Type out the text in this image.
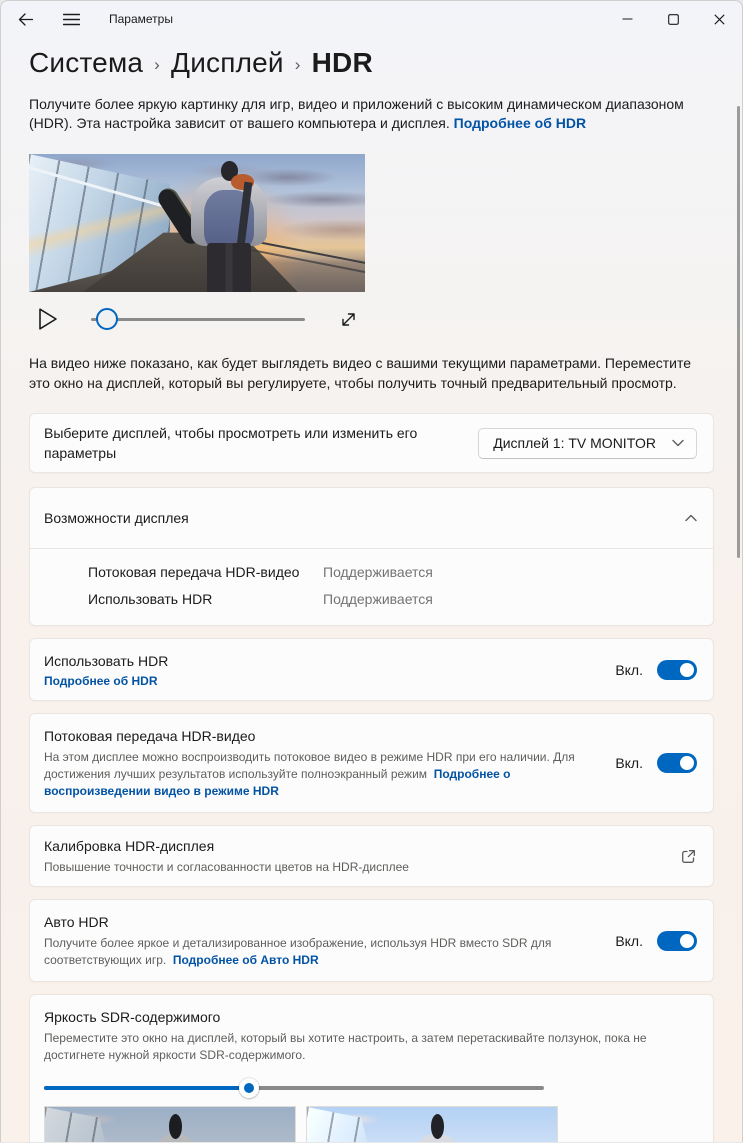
Параметры
Система › Дисплей › HDR

Получите более яркую картинку для игр, видео и приложений с высоким динамическом диапазоном (HDR). Эта настройка зависит от вашего компьютера и дисплея. Подробнее об HDR

На видео ниже показано, как будет выглядеть видео с вашими текущими параметрами. Переместите это окно на дисплей, который вы регулируете, чтобы получить точный предварительный просмотр.

Выберите дисплей, чтобы просмотреть или изменить его параметры
Дисплей 1: TV MONITOR
Возможности дисплея
Потоковая передача HDR-видео	Поддерживается
Использовать HDR	Поддерживается
Использовать HDR
Подробнее об HDR
Вкл.
Потоковая передача HDR-видео
На этом дисплее можно воспроизводить потоковое видео в режиме HDR при его наличии. Для достижения лучших результатов используйте полноэкранный режим Подробнее о воспроизведении видео в режиме HDR
Вкл.
Калибровка HDR-дисплея
Повышение точности и согласованности цветов на HDR-дисплее
Авто HDR
Получите более яркое и детализированное изображение, используя HDR вместо SDR для соответствующих игр. Подробнее об Авто HDR
Вкл.
Яркость SDR-содержимого
Переместите это окно на дисплей, который вы хотите настроить, а затем перетаскивайте ползунок, пока не достигнете нужной яркости SDR-содержимого.
